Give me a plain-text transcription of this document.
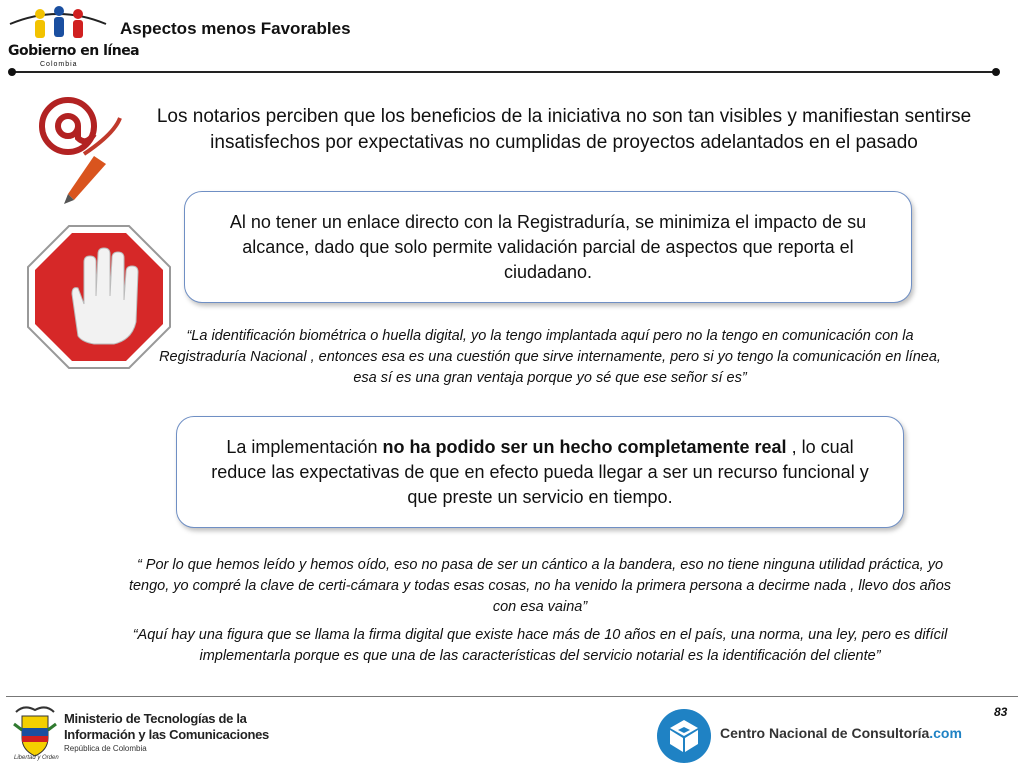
Gobierno en línea
Colombia
Aspectos menos Favorables
Los notarios perciben que los beneficios de la iniciativa no son tan visibles y manifiestan sentirse insatisfechos por expectativas no cumplidas de proyectos adelantados en el pasado
Al no tener un enlace directo con la Registraduría, se minimiza el impacto de su alcance, dado que solo permite validación parcial de aspectos que reporta el ciudadano.
“La identificación biométrica o huella digital, yo la tengo implantada aquí pero no la tengo en comunicación con la Registraduría Nacional , entonces esa es una cuestión que sirve internamente, pero si yo tengo la comunicación en línea, esa sí es una gran ventaja porque yo sé que ese señor sí es”
La implementación no ha podido ser un hecho completamente real , lo cual reduce las expectativas de que en efecto pueda llegar a ser un recurso funcional y que preste un servicio en tiempo.
“ Por lo que hemos leído y hemos oído, eso no pasa de ser un cántico a la bandera, eso no tiene ninguna utilidad práctica, yo tengo, yo compré la clave de certi-cámara y todas esas cosas, no ha venido la primera persona a decirme nada , llevo dos años con esa vaina”
“Aquí hay una figura que se llama la firma digital que existe hace más de 10 años en el país, una norma, una ley, pero es difícil implementarla porque es que una de las características del servicio notarial es la identificación del cliente”
83
Libertad y Orden
Ministerio de Tecnologías de la
Información y las Comunicaciones
República de Colombia
Centro Nacional de Consultoría.com
